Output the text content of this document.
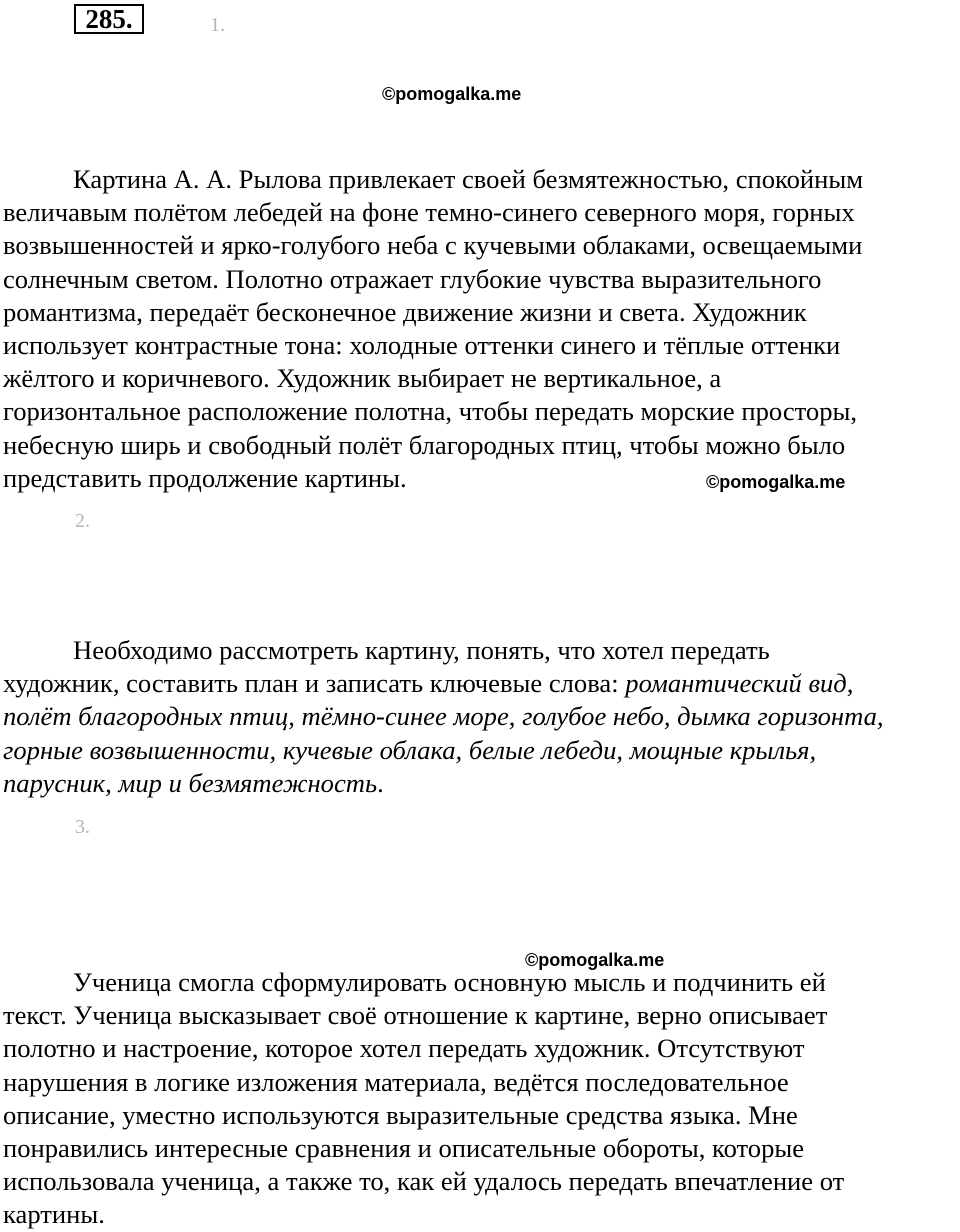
285.	1.
©pomogalka.me
Картина А. А. Рылова привлекает своей безмятежностью, спокойным
величавым полётом лебедей на фоне темно-синего северного моря, горных
возвышенностей и ярко-голубого неба с кучевыми облаками, освещаемыми
солнечным светом. Полотно отражает глубокие чувства выразительного
романтизма, передаёт бесконечное движение жизни и света. Художник
использует контрастные тона: холодные оттенки синего и тёплые оттенки
жёлтого и коричневого. Художник выбирает не вертикальное, а
горизонтальное расположение полотна, чтобы передать морские просторы,
небесную ширь и свободный полёт благородных птиц, чтобы можно было
представить продолжение картины.	©pomogalka.me
2.
Необходимо рассмотреть картину, понять, что хотел передать
художник, составить план и записать ключевые слова: романтический вид,
полёт благородных птиц, тёмно-синее море, голубое небо, дымка горизонта,
горные возвышенности, кучевые облака, белые лебеди, мощные крылья,
парусник, мир и безмятежность.
3.
©pomogalka.me
Ученица смогла сформулировать основную мысль и подчинить ей
текст. Ученица высказывает своё отношение к картине, верно описывает
полотно и настроение, которое хотел передать художник. Отсутствуют
нарушения в логике изложения материала, ведётся последовательное
описание, уместно используются выразительные средства языка. Мне
понравились интересные сравнения и описательные обороты, которые
использовала ученица, а также то, как ей удалось передать впечатление от
картины.
